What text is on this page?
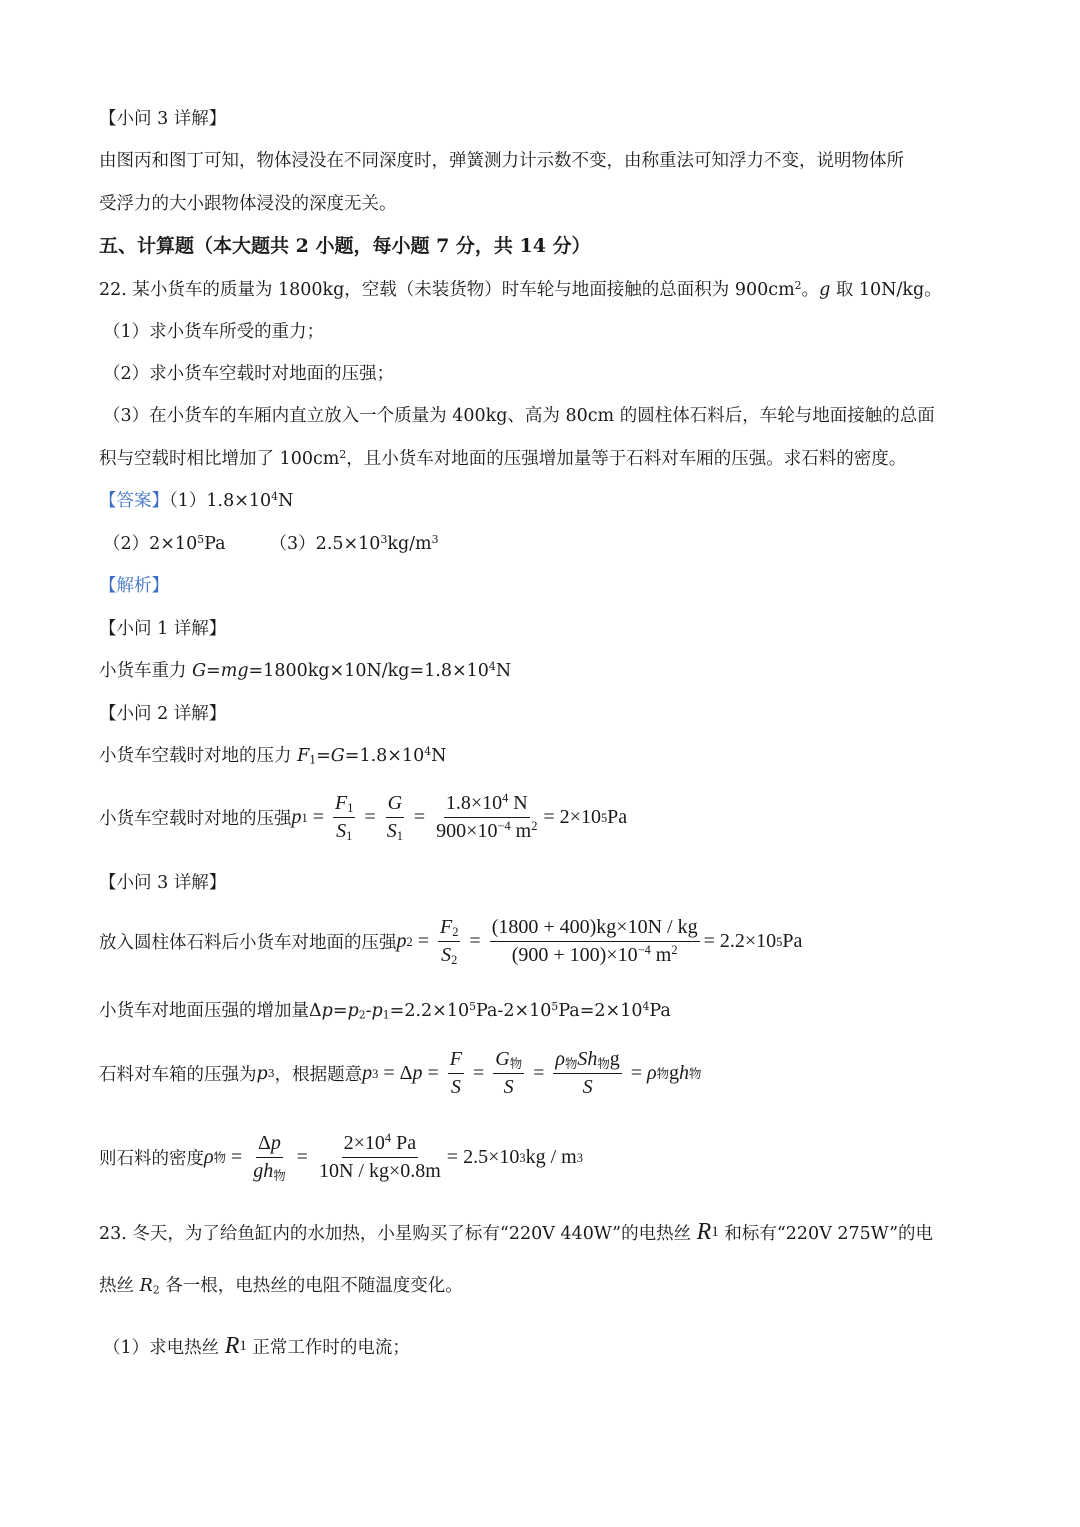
【小问 3 详解】
由图丙和图丁可知，物体浸没在不同深度时，弹簧测力计示数不变，由称重法可知浮力不变，说明物体所
受浮力的大小跟物体浸没的深度无关。
五、计算题（本大题共 2 小题，每小题 7 分，共 14 分）
22. 某小货车的质量为 1800kg，空载（未装货物）时车轮与地面接触的总面积为 $900cm^2$。g 取 10N/kg。
（1）求小货车所受的重力；
（2）求小货车空载时对地面的压强；
（3）在小货车的车厢内直立放入一个质量为 400kg、高为 80cm 的圆柱体石料后，车轮与地面接触的总面
积与空载时相比增加了 $100cm^2$，且小货车对地面的压强增加量等于石料对车厢的压强。求石料的密度。
【答案】$(1)1.8\times 10^4N$
$(2)2\times 10^5Pa$	$(3)2.5\times 10^3kg/m^3$
【解析】
【小问 1 详解】
小货车重力 $G=mg=1800kg\times 10N/kg=1.8\times 10^4N$
【小问 2 详解】
小货车空载时对地的压力 $F_1=G=1.8\times 10^4N$
小货车空载时对地的压强 p $1 = \frac{F_1}{S_1} = \frac{G}{S_1} = \frac{1.8\times 10^4 N}{900\times 10^{-4} m^2} = 2\times 10$ 5 Pa
【小问 3 详解】
放入圆柱体石料后小货车对地面的压强 p $2 = \frac{F_2}{S_2} = \frac{(1800 + 400)kg\times 10N / kg}{(900 + 100)\times 10^{-4} m^2} = 2.2\times 10$ 5 Pa
小货车对地面压强的增加量$\Delta p=p_2-p_1=2.2\times 10^5Pa-2\times 10^5Pa=2\times 10^4Pa$
石料对车箱的压强为 p 3 ，根据题意 p 3 = Δ $p = \frac{F}{S} = \frac{G_物}{S} = \frac{\rho_物Sh_物g}{S} = \rho$ 物 g h 物
则石料的密度 ρ 物 = $\frac{\Delta p}{gh_物} = \frac{2\times 10^4 Pa}{10N / kg\times 0.8m} = 2.5\times 10$ 3 kg / m 3
23. 冬天，为了给鱼缸内的水加热，小星购买了标有“220V 440W”的电热丝 R 1 和标有“220V 275W”的电
热丝 $R_2$ 各一根，电热丝的电阻不随温度变化。
（1）求电热丝 R 1 正常工作时的电流；
